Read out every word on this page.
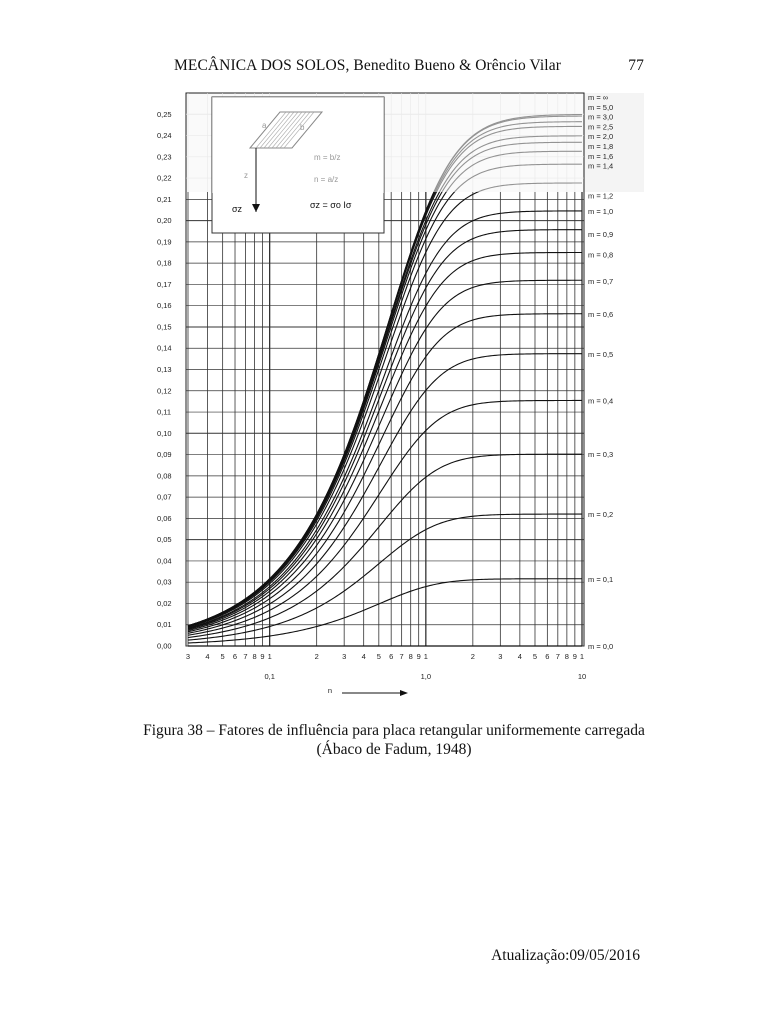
MECÂNICA DOS SOLOS, Benedito Bueno & Orêncio Vilar	77
b
a
z
m = b/z
n = a/z
σz = σo Iσ
σz
0,00
0,01
0,02
0,03
0,04
0,05
0,06
0,07
0,08
0,09
0,10
0,11
0,12
0,13
0,14
0,15
0,16
0,17
0,18
0,19
0,20
0,21
0,22
0,23
0,24
0,25
3 4 5 6 7 8 9 1	2	3 4 5 6 7 8 9 1	2	3 4 5 6 7 8 9 1
0,1	1,0	10
n
m = ∞
m = 5,0
m = 3,0
m = 2,5
m = 2,0
m = 1,8
m = 1,6
m = 1,4
m = 1,2
m = 1,0
m = 0,9
m = 0,8
m = 0,7
m = 0,6
m = 0,5
m = 0,4
m = 0,3
m = 0,2
m = 0,1
m = 0,0
Figura 38 – Fatores de influência para placa retangular uniformemente carregada
(Ábaco de Fadum, 1948)
Atualização:09/05/2016
